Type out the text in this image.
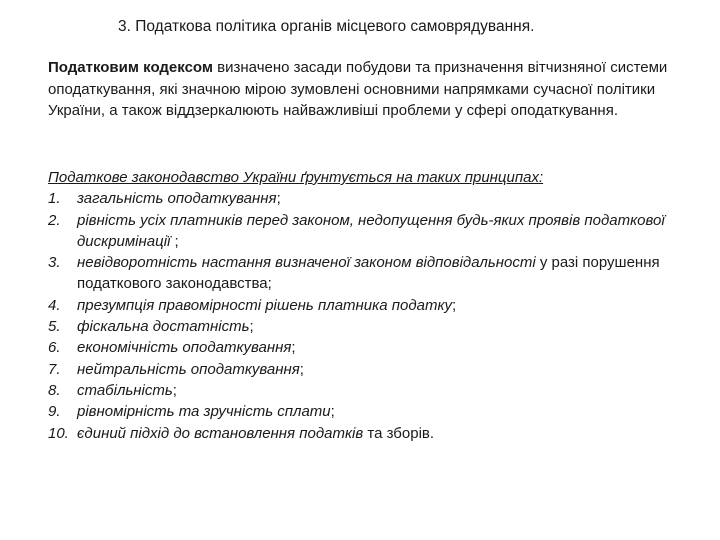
3. Податкова політика органів місцевого самоврядування.
Податковим кодексом визначено засади побудови та призначення вітчизняної системи оподаткування, які значною мірою зумовлені основними напрямками сучасної політики України, а також віддзеркалюють найважливіші проблеми у сфері оподаткування.
Податкове законодавство України ґрунтується на таких принципах:
1. загальність оподаткування;
2. рівність усіх платників перед законом, недопущення будь-яких проявів податкової дискримінації ;
3. невідворотність настання визначеної законом відповідальності у разі порушення податкового законодавства;
4. презумпція правомірності рішень платника податку;
5. фіскальна достатність;
6. економічність оподаткування;
7. нейтральність оподаткування;
8. стабільність;
9. рівномірність та зручність сплати;
10. єдиний підхід до встановлення податків та зборів.
